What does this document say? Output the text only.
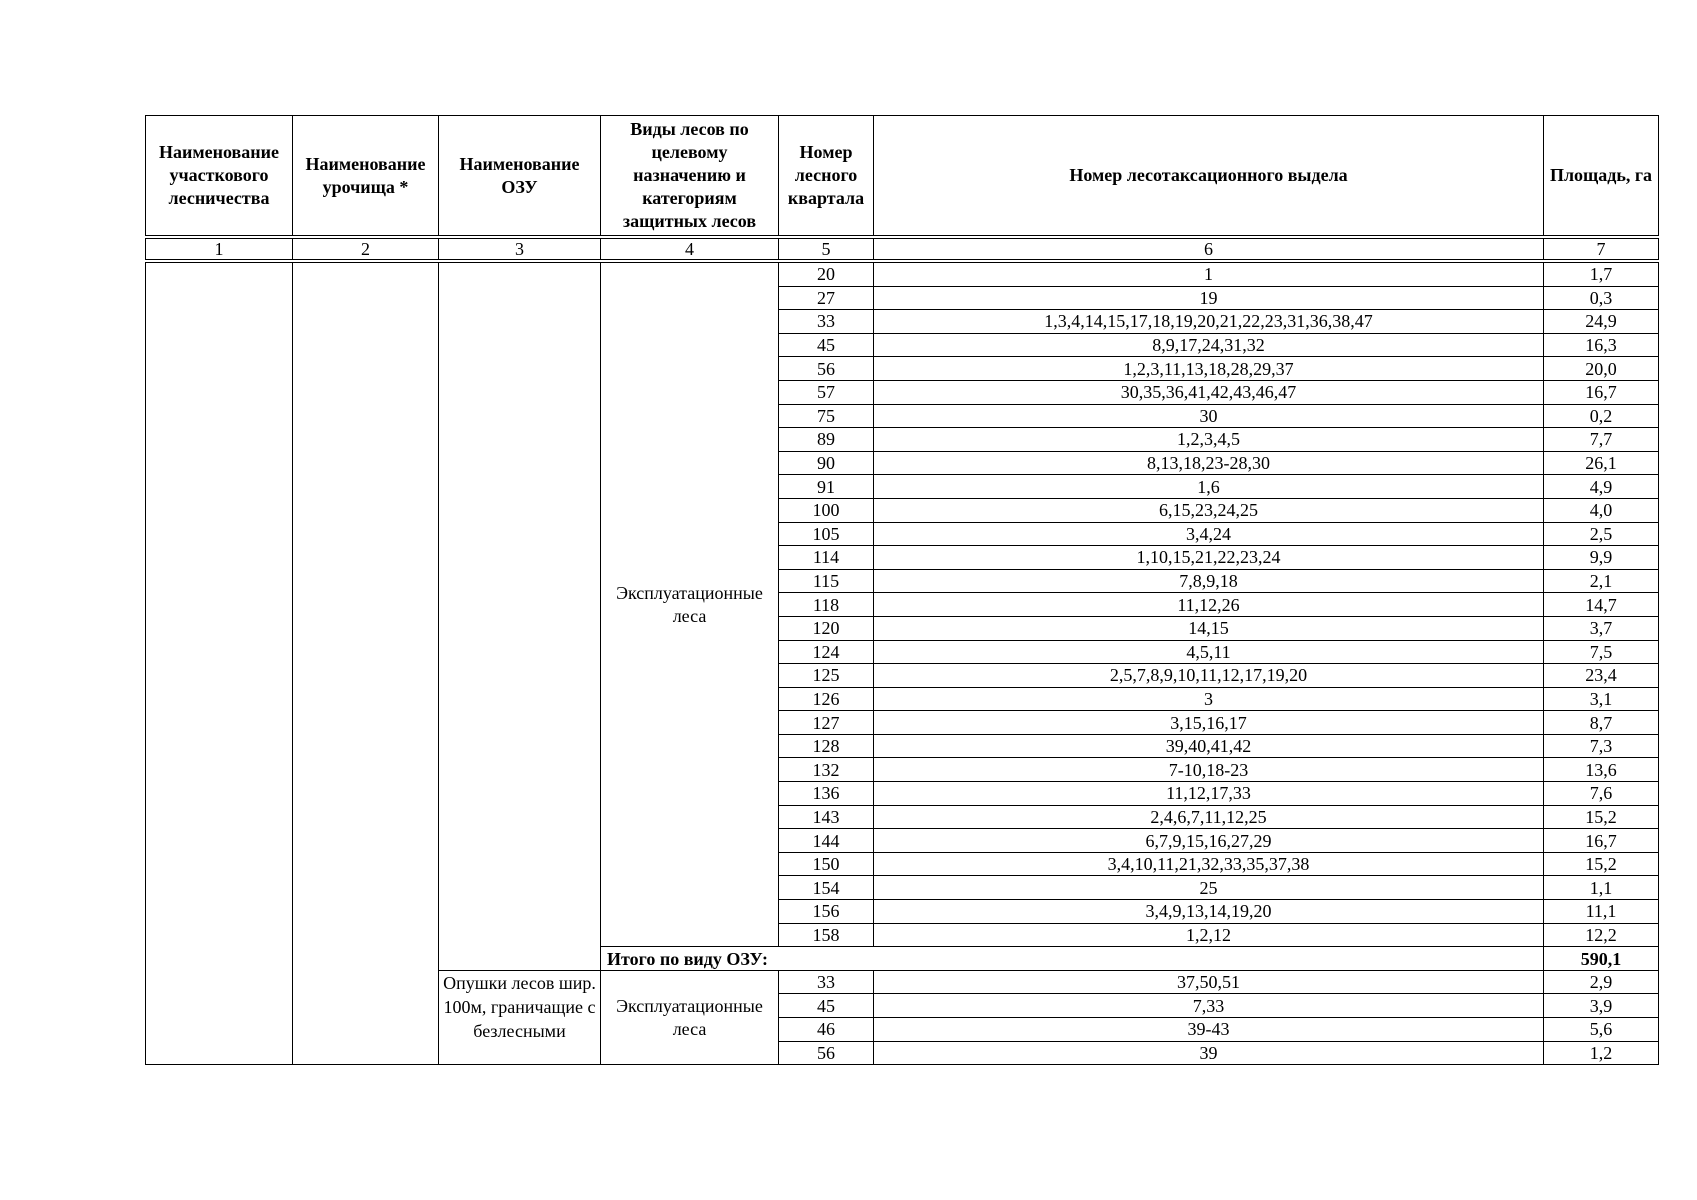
Наименование участкового лесничества	Наименование урочища *	Наименование ОЗУ	Виды лесов по целевому назначению и категориям защитных лесов	Номер лесного квартала	Номер лесотаксационного выдела	Площадь, га
1	2	3	4	5	6	7
			Эксплуатационные леса	20	1	1,7
				27	19	0,3
				33	1,3,4,14,15,17,18,19,20,21,22,23,31,36,38,47	24,9
				45	8,9,17,24,31,32	16,3
				56	1,2,3,11,13,18,28,29,37	20,0
				57	30,35,36,41,42,43,46,47	16,7
				75	30	0,2
				89	1,2,3,4,5	7,7
				90	8,13,18,23-28,30	26,1
				91	1,6	4,9
				100	6,15,23,24,25	4,0
				105	3,4,24	2,5
				114	1,10,15,21,22,23,24	9,9
				115	7,8,9,18	2,1
				118	11,12,26	14,7
				120	14,15	3,7
				124	4,5,11	7,5
				125	2,5,7,8,9,10,11,12,17,19,20	23,4
				126	3	3,1
				127	3,15,16,17	8,7
				128	39,40,41,42	7,3
				132	7-10,18-23	13,6
				136	11,12,17,33	7,6
				143	2,4,6,7,11,12,25	15,2
				144	6,7,9,15,16,27,29	16,7
				150	3,4,10,11,21,32,33,35,37,38	15,2
				154	25	1,1
				156	3,4,9,13,14,19,20	11,1
				158	1,2,12	12,2
			Итого по виду ОЗУ:			590,1
		Опушки лесов шир. 100м, граничащие с безлесными	Эксплуатационные леса	33	37,50,51	2,9
				45	7,33	3,9
				46	39-43	5,6
				56	39	1,2
